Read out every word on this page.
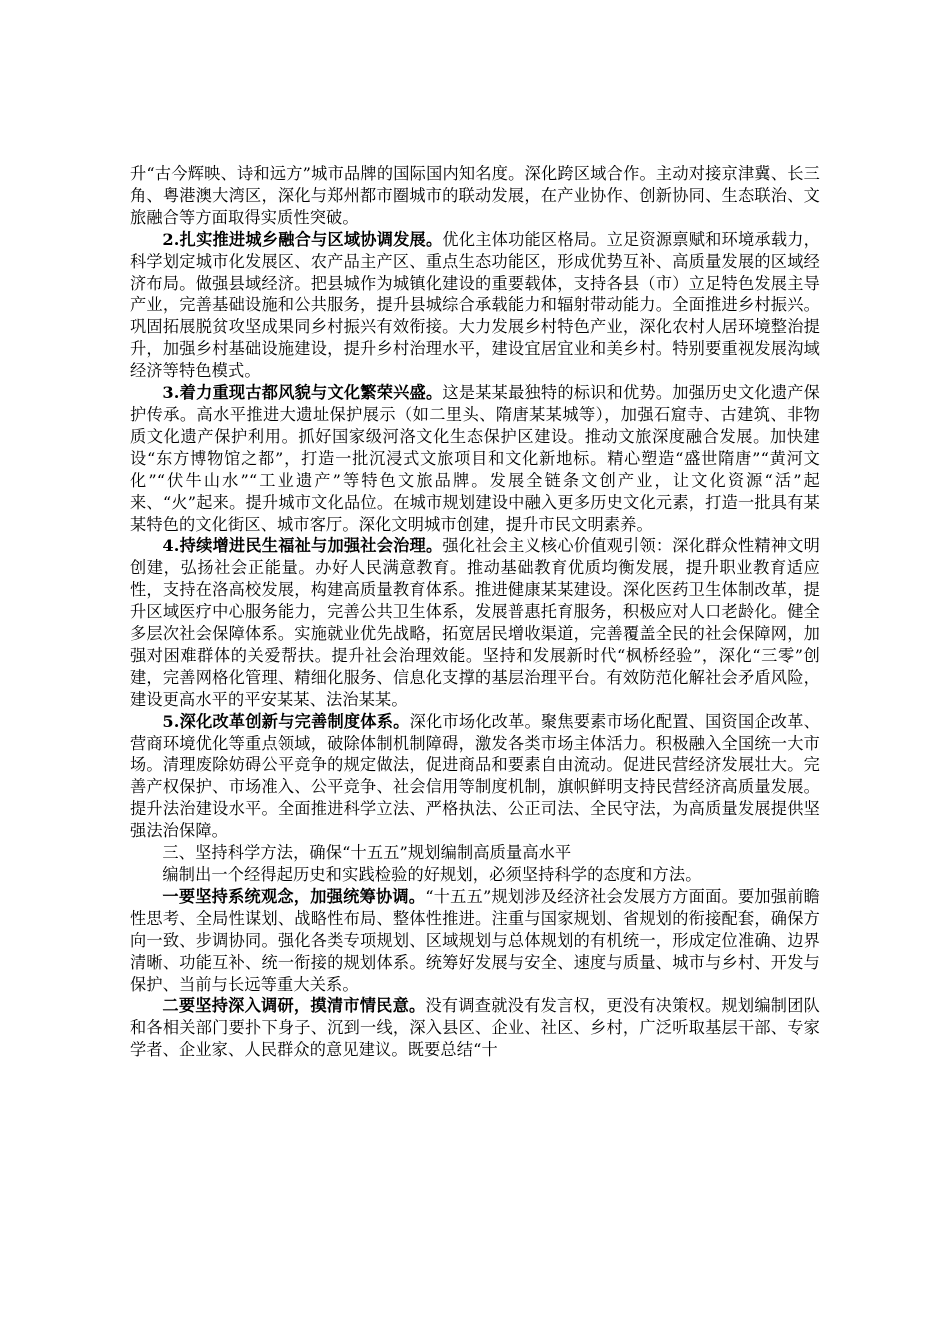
升“古今辉映、诗和远方”城市品牌的国际国内知名度。深化跨区域合作。主动对接京津冀、长三角、粤港澳大湾区，深化与郑州都市圈城市的联动发展，在产业协作、创新协同、生态联治、文旅融合等方面取得实质性突破。

2.扎实推进城乡融合与区域协调发展。优化主体功能区格局。立足资源禀赋和环境承载力，科学划定城市化发展区、农产品主产区、重点生态功能区，形成优势互补、高质量发展的区域经济布局。做强县域经济。把县城作为城镇化建设的重要载体，支持各县（市）立足特色发展主导产业，完善基础设施和公共服务，提升县城综合承载能力和辐射带动能力。全面推进乡村振兴。巩固拓展脱贫攻坚成果同乡村振兴有效衔接。大力发展乡村特色产业，深化农村人居环境整治提升，加强乡村基础设施建设，提升乡村治理水平，建设宜居宜业和美乡村。特别要重视发展沟域经济等特色模式。

3.着力重现古都风貌与文化繁荣兴盛。这是某某最独特的标识和优势。加强历史文化遗产保护传承。高水平推进大遗址保护展示（如二里头、隋唐某某城等），加强石窟寺、古建筑、非物质文化遗产保护利用。抓好国家级河洛文化生态保护区建设。推动文旅深度融合发展。加快建设“东方博物馆之都”，打造一批沉浸式文旅项目和文化新地标。精心塑造“盛世隋唐”“黄河文化”“伏牛山水”“工业遗产”等特色文旅品牌。发展全链条文创产业，让文化资源“活”起来、“火”起来。提升城市文化品位。在城市规划建设中融入更多历史文化元素，打造一批具有某某特色的文化街区、城市客厅。深化文明城市创建，提升市民文明素养。

4.持续增进民生福祉与加强社会治理。强化社会主义核心价值观引领：深化群众性精神文明创建，弘扬社会正能量。办好人民满意教育。推动基础教育优质均衡发展，提升职业教育适应性，支持在洛高校发展，构建高质量教育体系。推进健康某某建设。深化医药卫生体制改革，提升区域医疗中心服务能力，完善公共卫生体系，发展普惠托育服务，积极应对人口老龄化。健全多层次社会保障体系。实施就业优先战略，拓宽居民增收渠道，完善覆盖全民的社会保障网，加强对困难群体的关爱帮扶。提升社会治理效能。坚持和发展新时代“枫桥经验”，深化“三零”创建，完善网格化管理、精细化服务、信息化支撑的基层治理平台。有效防范化解社会矛盾风险，建设更高水平的平安某某、法治某某。

5.深化改革创新与完善制度体系。深化市场化改革。聚焦要素市场化配置、国资国企改革、营商环境优化等重点领域，破除体制机制障碍，激发各类市场主体活力。积极融入全国统一大市场。清理废除妨碍公平竞争的规定做法，促进商品和要素自由流动。促进民营经济发展壮大。完善产权保护、市场准入、公平竞争、社会信用等制度机制，旗帜鲜明支持民营经济高质量发展。提升法治建设水平。全面推进科学立法、严格执法、公正司法、全民守法，为高质量发展提供坚强法治保障。

三、坚持科学方法，确保“十五五”规划编制高质量高水平

编制出一个经得起历史和实践检验的好规划，必须坚持科学的态度和方法。

一要坚持系统观念，加强统筹协调。“十五五”规划涉及经济社会发展方方面面。要加强前瞻性思考、全局性谋划、战略性布局、整体性推进。注重与国家规划、省规划的衔接配套，确保方向一致、步调协同。强化各类专项规划、区域规划与总体规划的有机统一，形成定位准确、边界清晰、功能互补、统一衔接的规划体系。统筹好发展与安全、速度与质量、城市与乡村、开发与保护、当前与长远等重大关系。

二要坚持深入调研，摸清市情民意。没有调查就没有发言权，更没有决策权。规划编制团队和各相关部门要扑下身子、沉到一线，深入县区、企业、社区、乡村，广泛听取基层干部、专家学者、企业家、人民群众的意见建议。既要总结“十
